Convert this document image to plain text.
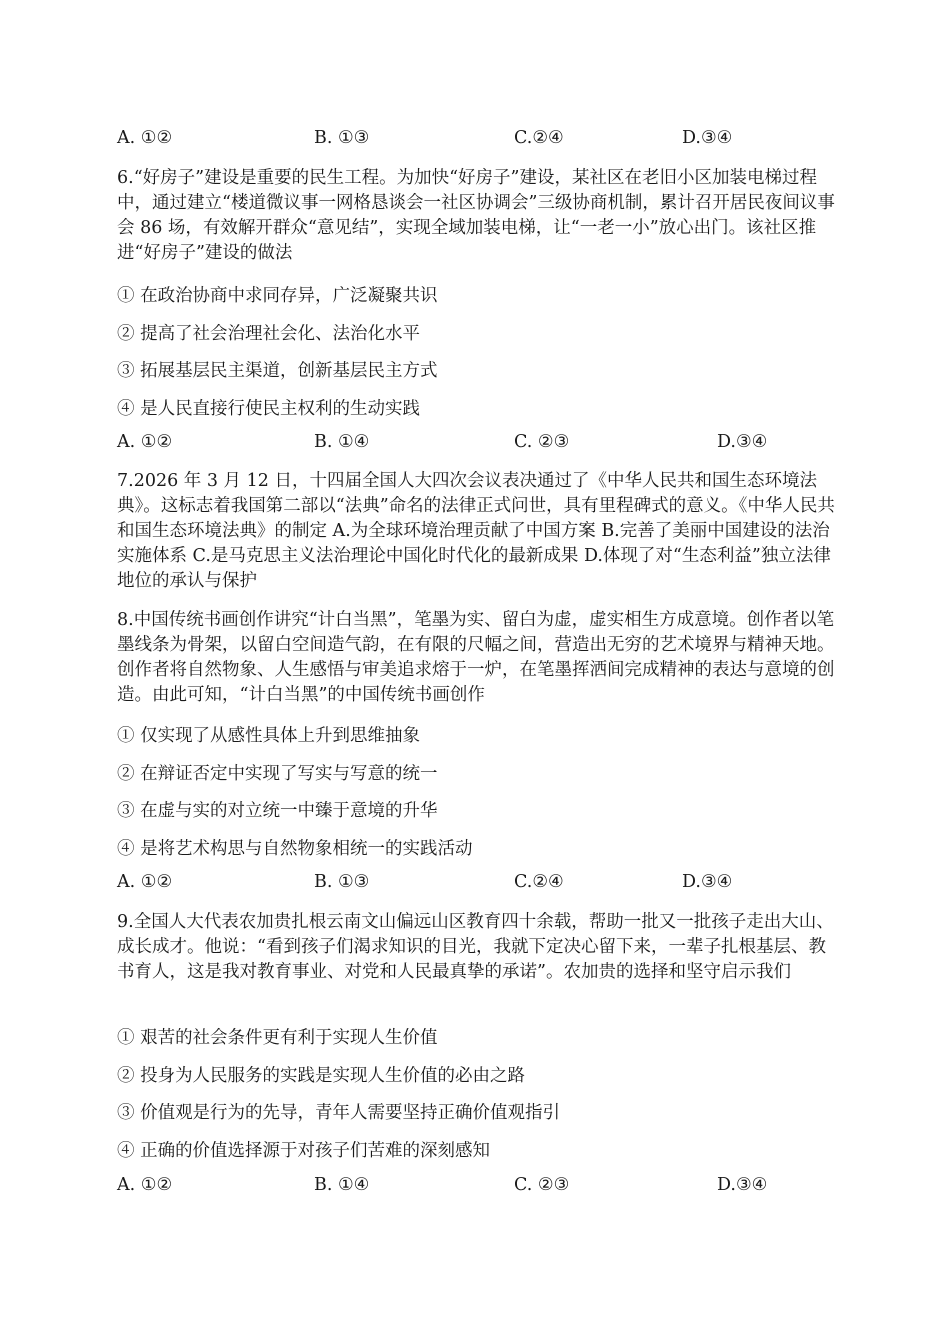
A. ①②	B. ①③	C.②④	D.③④

6.“好房子”建设是重要的民生工程。为加快“好房子”建设，某社区在老旧小区加装电梯过程中，通过建立“楼道微议事一网格恳谈会一社区协调会”三级协商机制，累计召开居民夜间议事会 86 场，有效解开群众“意见结”，实现全域加装电梯，让“一老一小”放心出门。该社区推进“好房子”建设的做法

① 在政治协商中求同存异，广泛凝聚共识
② 提高了社会治理社会化、法治化水平
③ 拓展基层民主渠道，创新基层民主方式
④ 是人民直接行使民主权利的生动实践
A. ①②	B. ①④	C. ②③	D.③④

7.2026 年 3 月 12 日，十四届全国人大四次会议表决通过了《中华人民共和国生态环境法典》。这标志着我国第二部以“法典”命名的法律正式问世，具有里程碑式的意义。《中华人民共和国生态环境法典》的制定 A.为全球环境治理贡献了中国方案 B.完善了美丽中国建设的法治实施体系 C.是马克思主义法治理论中国化时代化的最新成果 D.体现了对“生态利益”独立法律地位的承认与保护

8.中国传统书画创作讲究“计白当黑”，笔墨为实、留白为虚，虚实相生方成意境。创作者以笔墨线条为骨架，以留白空间造气韵，在有限的尺幅之间，营造出无穷的艺术境界与精神天地。创作者将自然物象、人生感悟与审美追求熔于一炉，在笔墨挥洒间完成精神的表达与意境的创造。由此可知，“计白当黑”的中国传统书画创作

① 仅实现了从感性具体上升到思维抽象
② 在辩证否定中实现了写实与写意的统一
③ 在虚与实的对立统一中臻于意境的升华
④ 是将艺术构思与自然物象相统一的实践活动
A. ①②	B. ①③	C.②④	D.③④

9.全国人大代表农加贵扎根云南文山偏远山区教育四十余载，帮助一批又一批孩子走出大山、成长成才。他说：“看到孩子们渴求知识的目光，我就下定决心留下来，一辈子扎根基层、教书育人，这是我对教育事业、对党和人民最真挚的承诺”。农加贵的选择和坚守启示我们

① 艰苦的社会条件更有利于实现人生价值
② 投身为人民服务的实践是实现人生价值的必由之路
③ 价值观是行为的先导，青年人需要坚持正确价值观指引
④ 正确的价值选择源于对孩子们苦难的深刻感知
A. ①②	B. ①④	C. ②③	D.③④
